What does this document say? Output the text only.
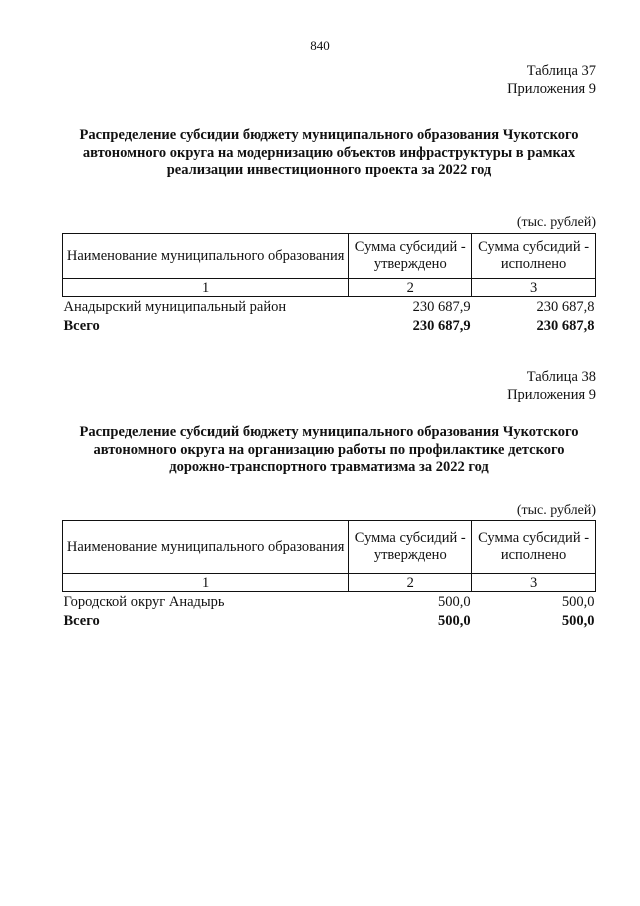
840
Таблица 37
Приложения 9
Распределение субсидии бюджету муниципального образования Чукотского
автономного округа на модернизацию объектов инфраструктуры в рамках
реализации инвестиционного проекта за 2022 год
(тыс. рублей)
Наименование муниципального образования	Сумма субсидий - утверждено	Сумма субсидий - исполнено
1	2	3
Анадырский муниципальный район	230 687,9	230 687,8
Всего	230 687,9	230 687,8
Таблица 38
Приложения 9
Распределение субсидий бюджету муниципального образования Чукотского
автономного округа на организацию работы по профилактике детского
дорожно-транспортного травматизма за 2022 год
(тыс. рублей)
Наименование муниципального образования	Сумма субсидий - утверждено	Сумма субсидий - исполнено
1	2	3
Городской округ Анадырь	500,0	500,0
Всего	500,0	500,0
